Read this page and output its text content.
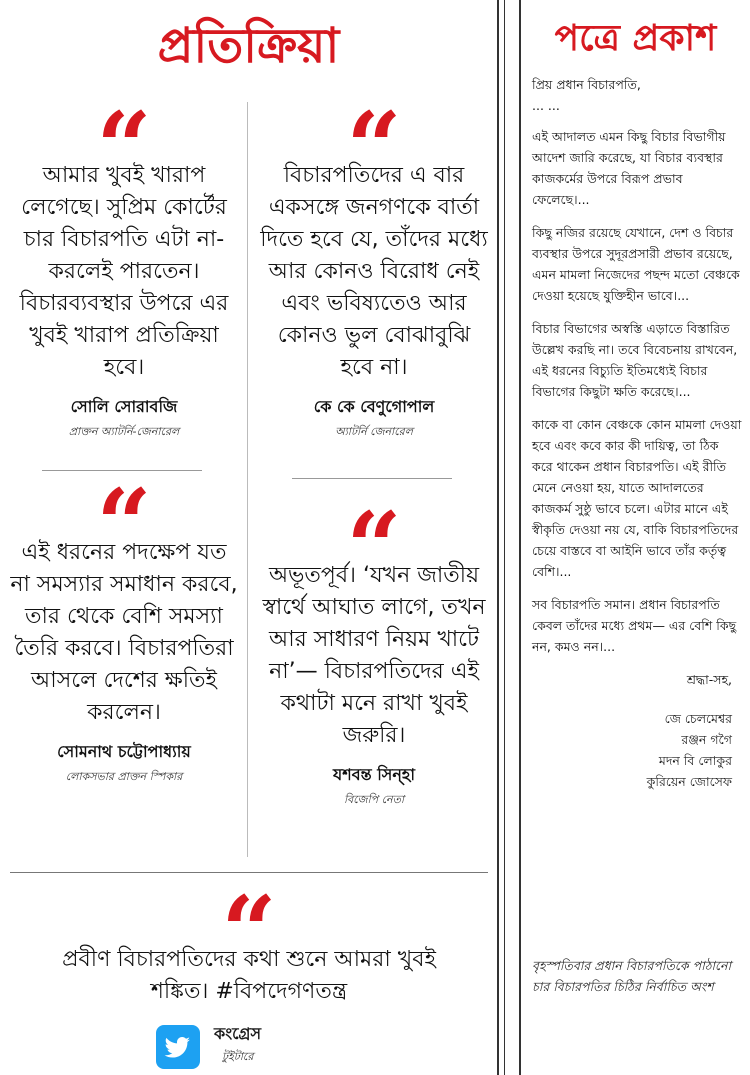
প্রতিক্রিয়া
আমার খুবই খারাপ লেগেছে। সুপ্রিম কোর্টের চার বিচারপতি এটা না-করলেই পারতেন। বিচারব্যবস্থার উপরে এর খুবই খারাপ প্রতিক্রিয়া হবে।
সোলি সোরাবজি
প্রাক্তন অ্যাটর্নি-জেনারেল
বিচারপতিদের এ বার একসঙ্গে জনগণকে বার্তা দিতে হবে যে, তাঁদের মধ্যে আর কোনও বিরোধ নেই এবং ভবিষ্যতেও আর কোনও ভুল বোঝাবুঝি হবে না।
কে কে বেণুগোপাল
অ্যাটর্নি জেনারেল
এই ধরনের পদক্ষেপ যত না সমস্যার সমাধান করবে, তার থেকে বেশি সমস্যা তৈরি করবে। বিচারপতিরা আসলে দেশের ক্ষতিই করলেন।
সোমনাথ চট্টোপাধ্যায়
লোকসভার প্রাক্তন স্পিকার
অভূতপূর্ব। ‘যখন জাতীয় স্বার্থে আঘাত লাগে, তখন আর সাধারণ নিয়ম খাটে না’— বিচারপতিদের এই কথাটা মনে রাখা খুবই জরুরি।
যশবন্ত সিন্‌হা
বিজেপি নেতা
প্রবীণ বিচারপতিদের কথা শুনে আমরা খুবই শঙ্কিত। #বিপদেগণতন্ত্র
কংগ্রেস
টুইটারে
পত্রে প্রকাশ

প্রিয় প্রধান বিচারপতি,

... ...

এই আদালত এমন কিছু বিচার বিভাগীয় আদেশ জারি করেছে, যা বিচার ব্যবস্থার কাজকর্মের উপরে বিরূপ প্রভাব ফেলেছে।...

কিছু নজির রয়েছে যেখানে, দেশ ও বিচার ব্যবস্থার উপরে সুদূরপ্রসারী প্রভাব রয়েছে, এমন মামলা নিজেদের পছন্দ মতো বেঞ্চকে দেওয়া হয়েছে যুক্তিহীন ভাবে।...

বিচার বিভাগের অস্বস্তি এড়াতে বিস্তারিত উল্লেখ করছি না। তবে বিবেচনায় রাখবেন, এই ধরনের বিচ্যুতি ইতিমধ্যেই বিচার বিভাগের কিছুটা ক্ষতি করেছে।...

কাকে বা কোন বেঞ্চকে কোন মামলা দেওয়া হবে এবং কবে কার কী দায়িত্ব, তা ঠিক করে থাকেন প্রধান বিচারপতি। এই রীতি মেনে নেওয়া হয়, যাতে আদালতের কাজকর্ম সুষ্ঠু ভাবে চলে। এটার মানে এই স্বীকৃতি দেওয়া নয় যে, বাকি বিচারপতিদের চেয়ে বাস্তবে বা আইনি ভাবে তাঁর কর্তৃত্ব বেশি।...

সব বিচারপতি সমান। প্রধান বিচারপতি কেবল তাঁদের মধ্যে প্রথম— এর বেশি কিছু নন, কমও নন।...

শ্রদ্ধা-সহ,

জে চেলমেশ্বর
রঞ্জন গগৈ
মদন বি লোকুর
কুরিয়েন জোসেফ
বৃহস্পতিবার প্রধান বিচারপতিকে পাঠানো চার বিচারপতির চিঠির নির্বাচিত অংশ
